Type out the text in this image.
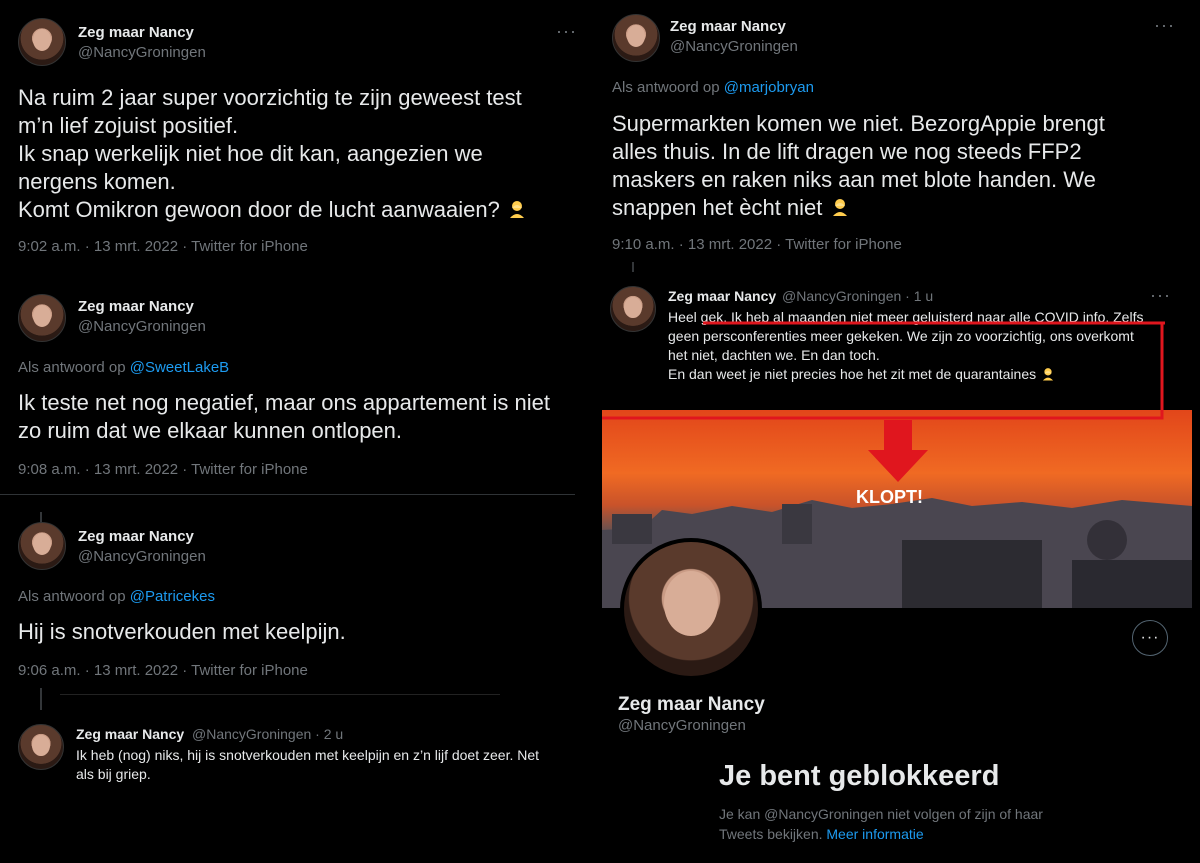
Zeg maar Nancy
@NancyGroningen
···
Na ruim 2 jaar super voorzichtig te zijn geweest test
m’n lief zojuist positief.
Ik snap werkelijk niet hoe dit kan, aangezien we
nergens komen.
Komt Omikron gewoon door de lucht aanwaaien?
9:02 a.m. · 13 mrt. 2022 · Twitter for iPhone
Zeg maar Nancy
@NancyGroningen
···
Als antwoord op @marjobryan
Supermarkten komen we niet. BezorgAppie brengt
alles thuis. In de lift dragen we nog steeds FFP2
maskers en raken niks aan met blote handen. We
snappen het ècht niet
9:10 a.m. · 13 mrt. 2022 · Twitter for iPhone
Zeg maar Nancy
@NancyGroningen
Als antwoord op @SweetLakeB
Ik teste net nog negatief, maar ons appartement is niet
zo ruim dat we elkaar kunnen ontlopen.
9:08 a.m. · 13 mrt. 2022 · Twitter for iPhone
Zeg maar Nancy
@NancyGroningen
Als antwoord op @Patricekes
Hij is snotverkouden met keelpijn.
9:06 a.m. · 13 mrt. 2022 · Twitter for iPhone
Zeg maar Nancy @NancyGroningen · 2 u
Ik heb (nog) niks, hij is snotverkouden met keelpijn en z’n lijf doet zeer. Net
als bij griep.
Zeg maar Nancy @NancyGroningen · 1 u	···
Heel gek. Ik heb al maanden niet meer geluisterd naar alle COVID info. Zelfs
geen persconferenties meer gekeken. We zijn zo voorzichtig, ons overkomt
het niet, dachten we. En dan toch.
En dan weet je niet precies hoe het zit met de quarantaines
···
Zeg maar Nancy
@NancyGroningen
Je bent geblokkeerd
Je kan @NancyGroningen niet volgen of zijn of haar
Tweets bekijken. Meer informatie
KLOPT!
